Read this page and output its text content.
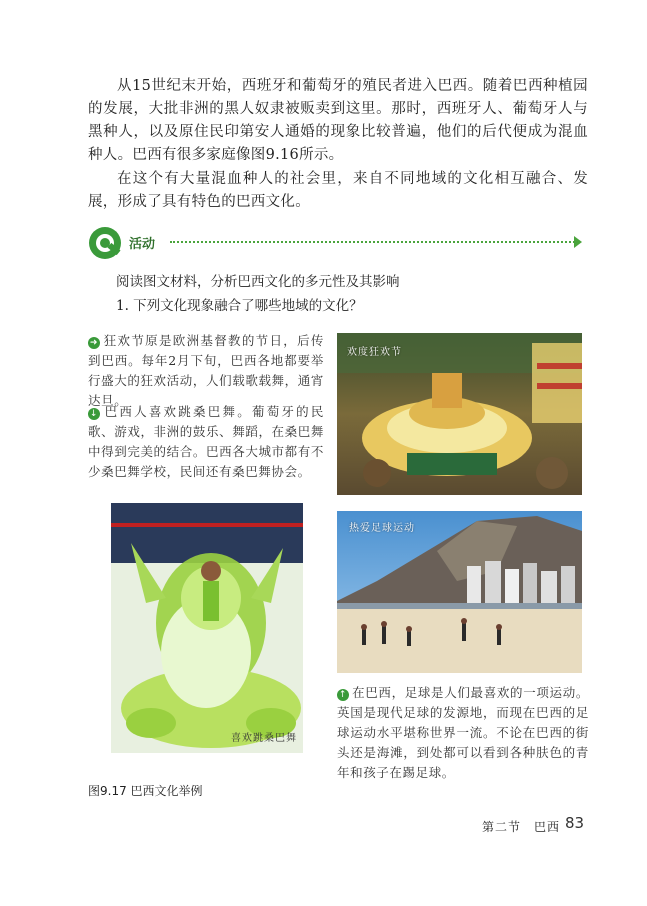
从15世纪末开始，西班牙和葡萄牙的殖民者进入巴西。随着巴西种植园的发展，大批非洲的黑人奴隶被贩卖到这里。那时，西班牙人、葡萄牙人与黑种人，以及原住民印第安人通婚的现象比较普遍，他们的后代便成为混血种人。巴西有很多家庭像图9.16所示。

在这个有大量混血种人的社会里，来自不同地域的文化相互融合、发展，形成了具有特色的巴西文化。

活动
阅读图文材料，分析巴西文化的多元性及其影响
1. 下列文化现象融合了哪些地域的文化？

➜ 狂欢节原是欧洲基督教的节日，后传到巴西。每年2月下旬，巴西各地都要举行盛大的狂欢活动，人们载歌载舞，通宵达旦。

↓ 巴西人喜欢跳桑巴舞。葡萄牙的民歌、游戏，非洲的鼓乐、舞蹈，在桑巴舞中得到完美的结合。巴西各大城市都有不少桑巴舞学校，民间还有桑巴舞协会。

欢度狂欢节
喜欢跳桑巴舞
热爱足球运动

↑ 在巴西，足球是人们最喜欢的一项运动。英国是现代足球的发源地，而现在巴西的足球运动水平堪称世界一流。不论在巴西的街头还是海滩，到处都可以看到各种肤色的青年和孩子在踢足球。

图9.17 巴西文化举例
第二节　巴西 83
